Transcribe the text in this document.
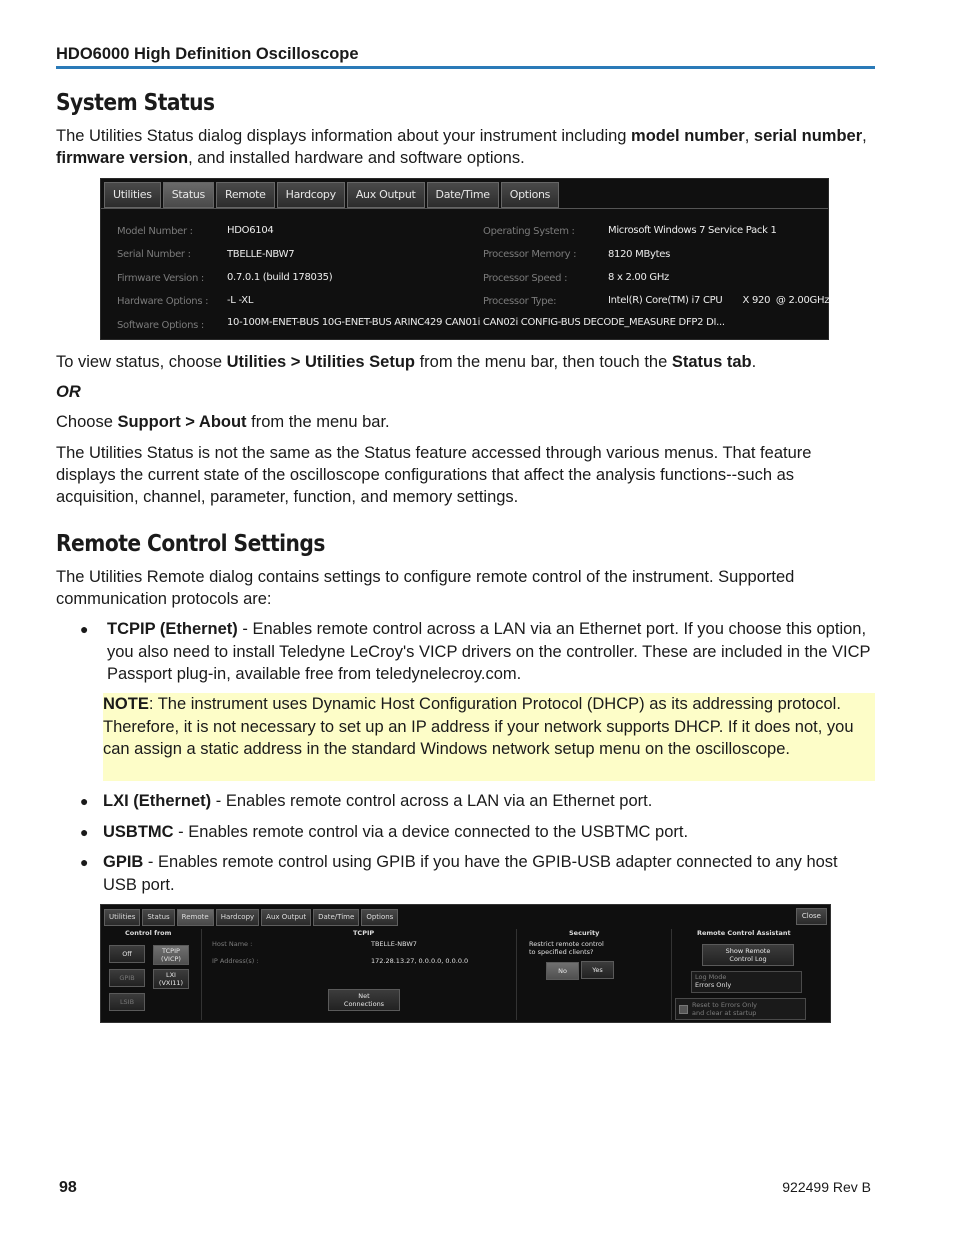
HDO6000 High Definition Oscilloscope
System Status

The Utilities Status dialog displays information about your instrument including model number, serial number, firmware version, and installed hardware and software options.

Utilities	Status	Remote	Hardcopy	Aux Output	Date/Time	Options
Model Number :	HDO6104
Serial Number :	TBELLE-NBW7
Firmware Version : 0.7.0.1 (build 178035)
Hardware Options : -L -XL
Software Options : 10-100M-ENET-BUS 10G-ENET-BUS ARINC429 CAN01i CAN02i CONFIG-BUS DECODE_MEASURE DFP2 DI...
Operating System :	Microsoft Windows 7 Service Pack 1
Processor Memory :	8120 MBytes
Processor Speed :	8 x 2.00 GHz
Processor Type:	Intel(R) Core(TM) i7 CPU       X 920  @ 2.00GHz

To view status, choose Utilities > Utilities Setup from the menu bar, then touch the Status tab.

OR

Choose Support > About from the menu bar.

The Utilities Status is not the same as the Status feature accessed through various menus. That feature displays the current state of the oscilloscope configurations that affect the analysis functions--such as acquisition, channel, parameter, function, and memory settings.

Remote Control Settings

The Utilities Remote dialog contains settings to configure remote control of the instrument. Supported communication protocols are:

● TCPIP (Ethernet) - Enables remote control across a LAN via an Ethernet port. If you choose this option, you also need to install Teledyne LeCroy's VICP drivers on the controller. These are included in the VICP Passport plug-in, available free from teledynelecroy.com.
NOTE: The instrument uses Dynamic Host Configuration Protocol (DHCP) as its addressing protocol. Therefore, it is not necessary to set up an IP address if your network supports DHCP. If it does not, you can assign a static address in the standard Windows network setup menu on the oscilloscope.
● LXI (Ethernet) - Enables remote control across a LAN via an Ethernet port.
● USBTMC - Enables remote control via a device connected to the USBTMC port.
● GPIB - Enables remote control using GPIB if you have the GPIB-USB adapter connected to any host USB port.
Utilities	Status	Remote	Hardcopy	Aux Output	Date/Time	Options	Close
Control from
Off	TCPIP
(VICP)
GPIB	LXI
(VXI11)
LSIB
TCPIP
Host Name :	TBELLE-NBW7
IP Address(s) :	172.28.13.27, 0.0.0.0, 0.0.0.0
Net
Connections
Security
Restrict remote control
to specified clients?
No	Yes
Remote Control Assistant
Show Remote
Control Log
Log Mode
Errors Only
Reset to Errors Only
and clear at startup
98	922499 Rev B
